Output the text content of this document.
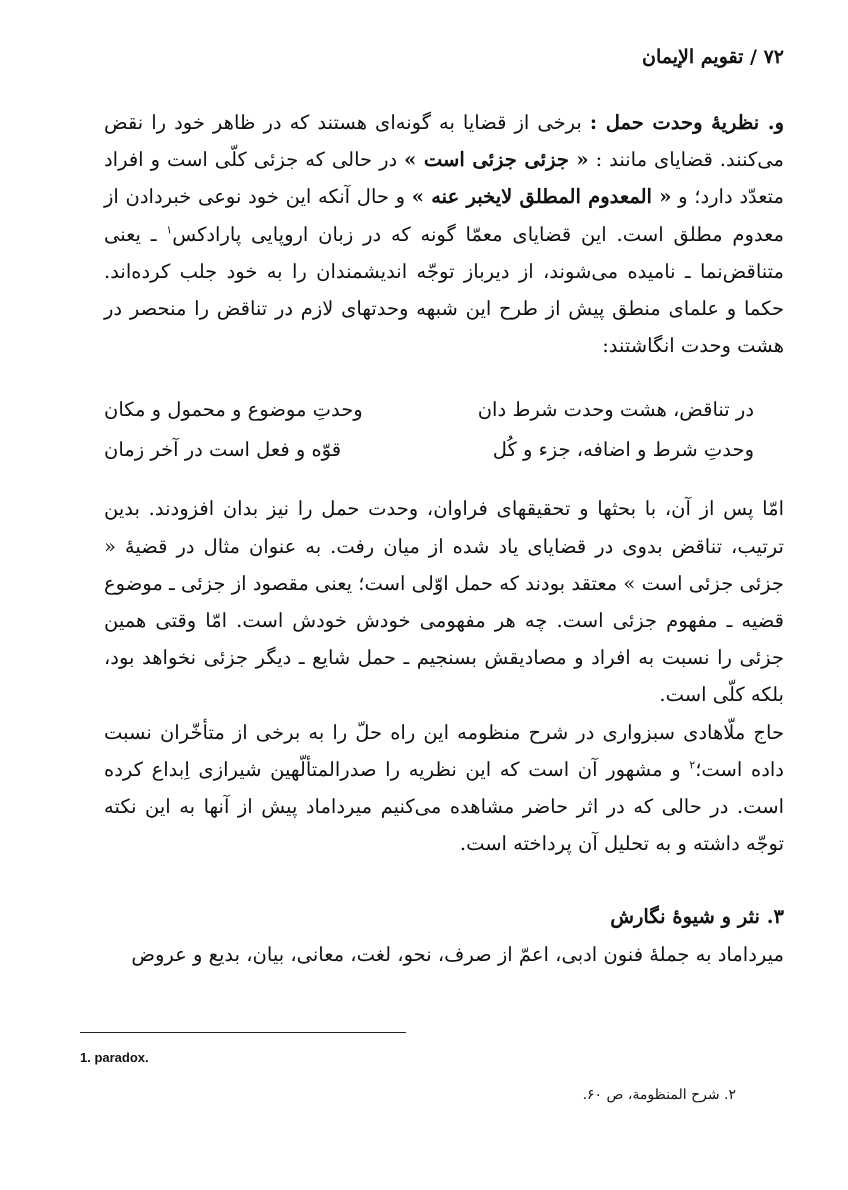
۷۲ / تقویم الإیمان

و. نظریهٔ وحدت حمل : برخی از قضایا به گونه‌ای هستند که در ظاهر خود را نقض می‌کنند. قضایای مانند : « جزئی جزئی است » در حالی که جزئی کلّی است و افراد متعدّد دارد؛ و « المعدوم المطلق لایخبر عنه » و حال آنکه این خود نوعی خبردادن از معدوم مطلق است. این قضایای معمّا گونه که در زبان اروپایی پارادکس$^۱$ ـ یعنی متناقض‌نما ـ نامیده می‌شوند، از دیرباز توجّه اندیشمندان را به خود جلب کرده‌اند. حکما و علمای منطق پیش از طرح این شبهه وحدتهای لازم در تناقض را منحصر در هشت وحدت انگاشتند:

در تناقض، هشت وحدت شرط دان
وحدتِ موضوع و محمول و مکان
وحدتِ شرط و اضافه، جزء و کُل
قوّه و فعل است در آخر زمان

امّا پس از آن، با بحثها و تحقیقهای فراوان، وحدت حمل را نیز بدان افزودند. بدین ترتیب، تناقض بدوی در قضایای یاد شده از میان رفت. به عنوان مثال در قضیهٔ « جزئی جزئی است » معتقد بودند که حمل اوّلی است؛ یعنی مقصود از جزئی ـ موضوع قضیه ـ مفهوم جزئی است. چه هر مفهومی خودش خودش است. امّا وقتی همین جزئی را نسبت به افراد و مصادیقش بسنجیم ـ حمل شایع ـ دیگر جزئی نخواهد بود، بلکه کلّی است.

حاج ملّاهادی سبزواری در شرح منظومه این راه حلّ را به برخی از متأخّران نسبت داده است؛$^۲$ و مشهور آن است که این نظریه را صدرالمتألّهین شیرازی اِبداع کرده است. در حالی که در اثر حاضر مشاهده می‌کنیم میرداماد پیش از آنها به این نکته توجّه داشته و به تحلیل آن پرداخته است.

۳. نثر و شیوهٔ نگارش

میرداماد به جملهٔ فنون ادبی، اعمّ از صرف، نحو، لغت، معانی، بیان، بدیع و عروض

1. paradox.
۲. شرح المنظومة، ص ۶۰.
